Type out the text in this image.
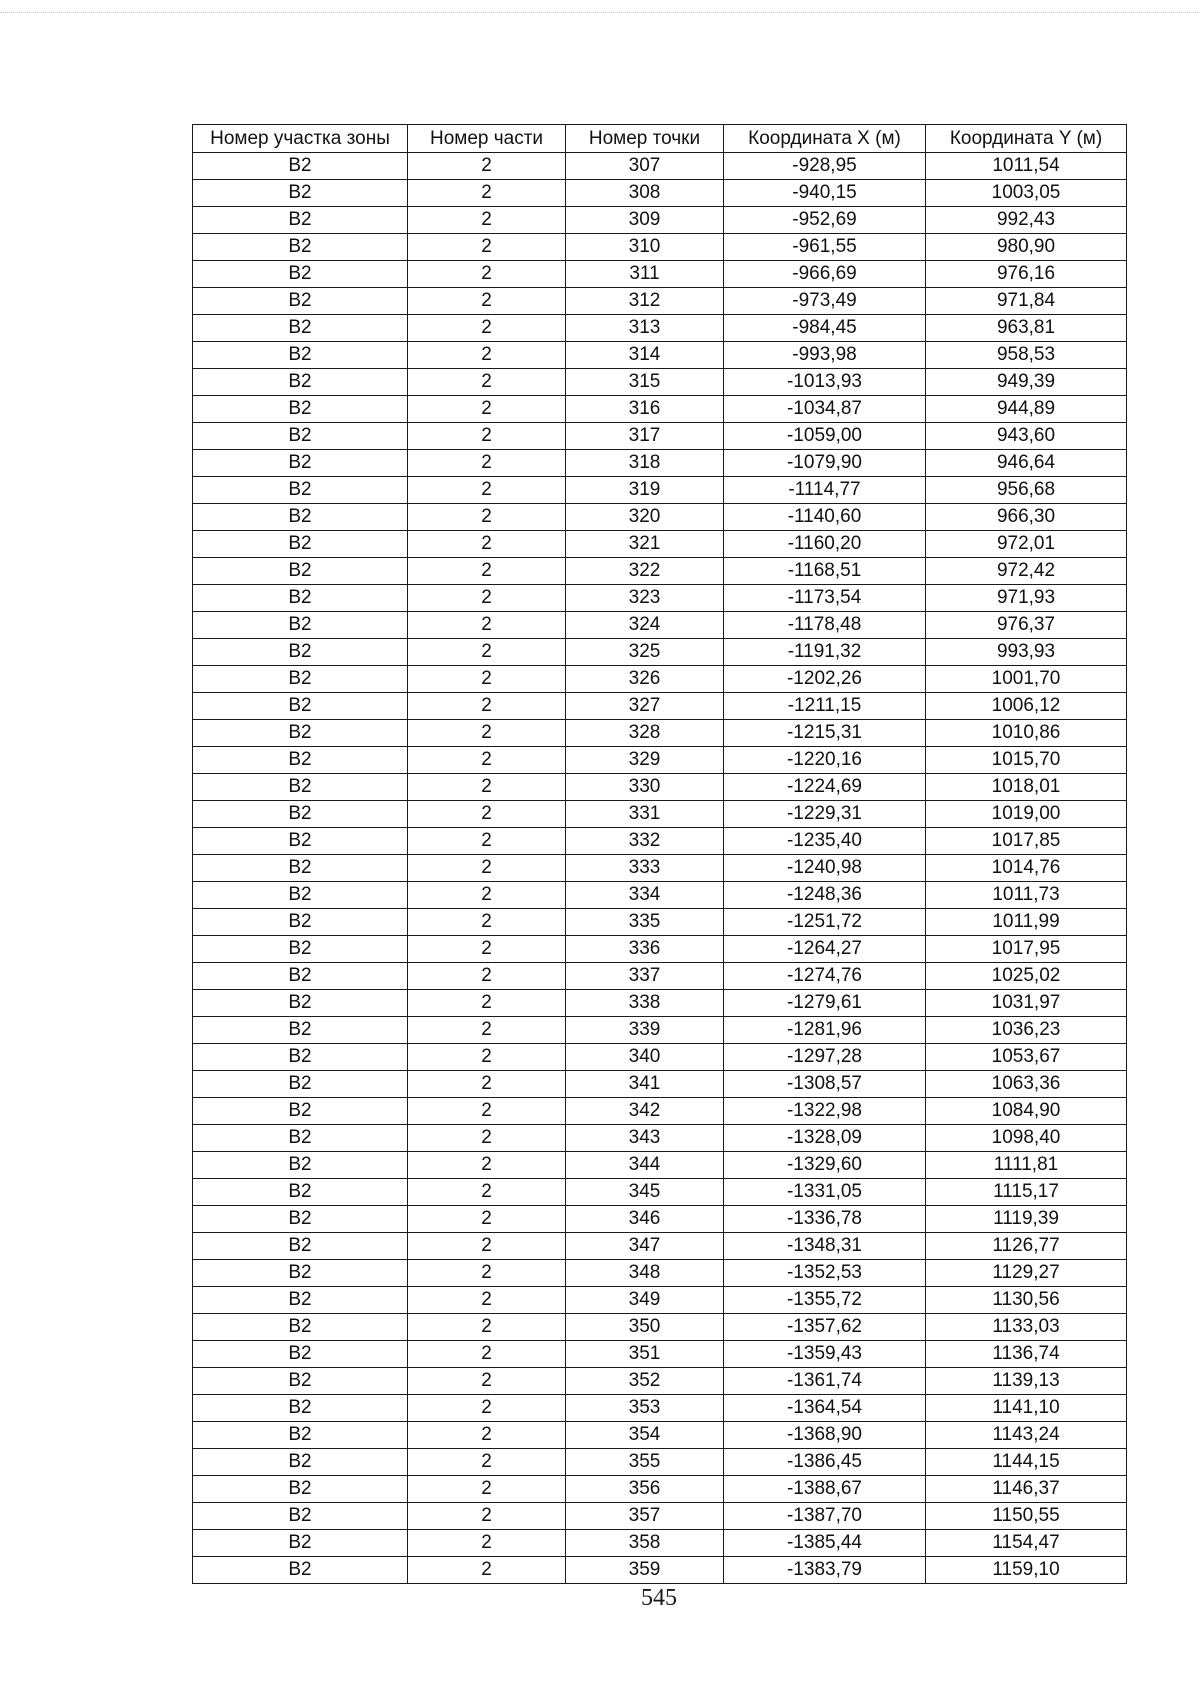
Номер участка зоны	Номер части	Номер точки	Координата X (м)	Координата Y (м)
В2	2	307	-928,95	1011,54
В2	2	308	-940,15	1003,05
В2	2	309	-952,69	992,43
В2	2	310	-961,55	980,90
В2	2	311	-966,69	976,16
В2	2	312	-973,49	971,84
В2	2	313	-984,45	963,81
В2	2	314	-993,98	958,53
В2	2	315	-1013,93	949,39
В2	2	316	-1034,87	944,89
В2	2	317	-1059,00	943,60
В2	2	318	-1079,90	946,64
В2	2	319	-1114,77	956,68
В2	2	320	-1140,60	966,30
В2	2	321	-1160,20	972,01
В2	2	322	-1168,51	972,42
В2	2	323	-1173,54	971,93
В2	2	324	-1178,48	976,37
В2	2	325	-1191,32	993,93
В2	2	326	-1202,26	1001,70
В2	2	327	-1211,15	1006,12
В2	2	328	-1215,31	1010,86
В2	2	329	-1220,16	1015,70
В2	2	330	-1224,69	1018,01
В2	2	331	-1229,31	1019,00
В2	2	332	-1235,40	1017,85
В2	2	333	-1240,98	1014,76
В2	2	334	-1248,36	1011,73
В2	2	335	-1251,72	1011,99
В2	2	336	-1264,27	1017,95
В2	2	337	-1274,76	1025,02
В2	2	338	-1279,61	1031,97
В2	2	339	-1281,96	1036,23
В2	2	340	-1297,28	1053,67
В2	2	341	-1308,57	1063,36
В2	2	342	-1322,98	1084,90
В2	2	343	-1328,09	1098,40
В2	2	344	-1329,60	1111,81
В2	2	345	-1331,05	1115,17
В2	2	346	-1336,78	1119,39
В2	2	347	-1348,31	1126,77
В2	2	348	-1352,53	1129,27
В2	2	349	-1355,72	1130,56
В2	2	350	-1357,62	1133,03
В2	2	351	-1359,43	1136,74
В2	2	352	-1361,74	1139,13
В2	2	353	-1364,54	1141,10
В2	2	354	-1368,90	1143,24
В2	2	355	-1386,45	1144,15
В2	2	356	-1388,67	1146,37
В2	2	357	-1387,70	1150,55
В2	2	358	-1385,44	1154,47
В2	2	359	-1383,79	1159,10
545
